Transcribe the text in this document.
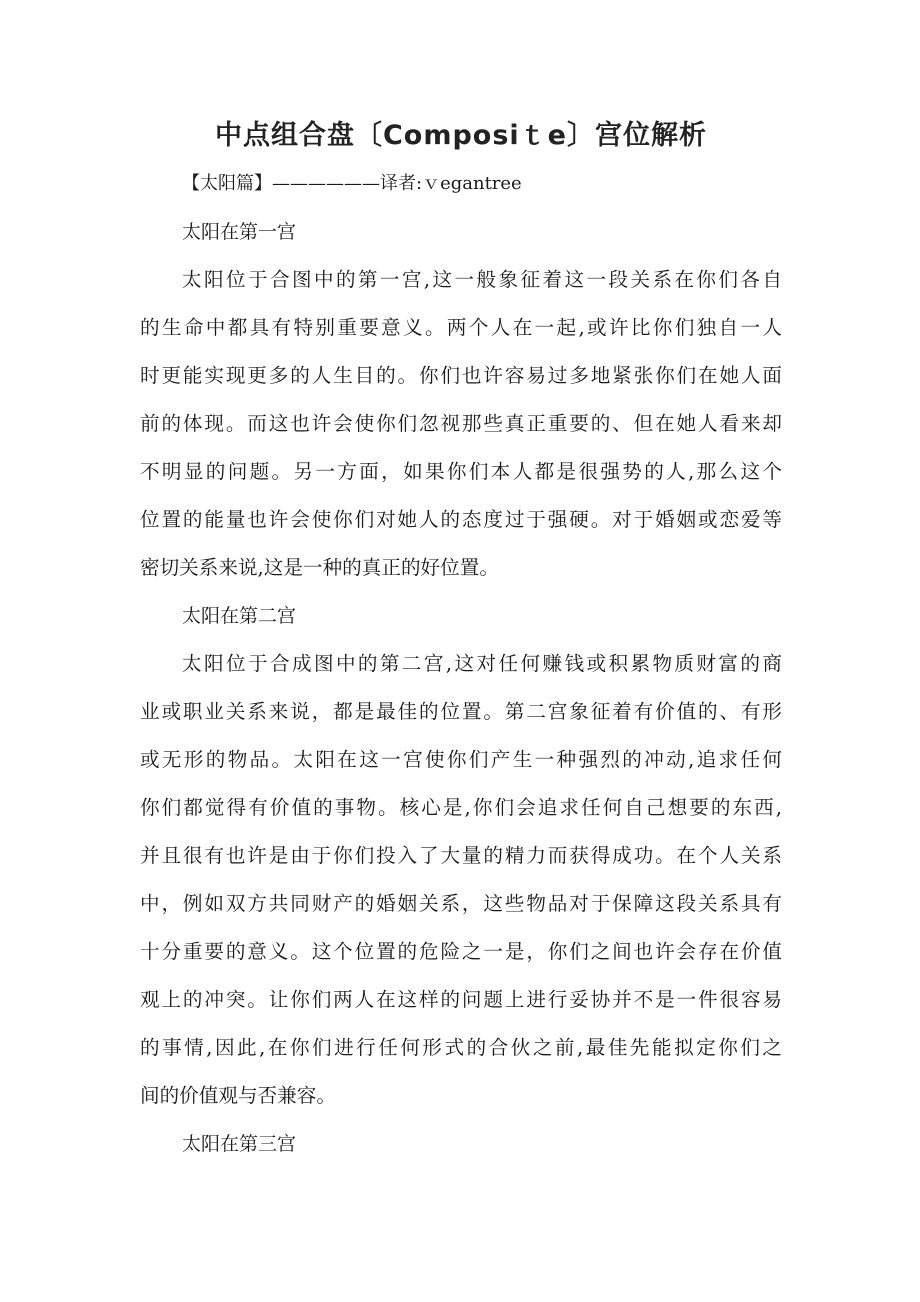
中点组合盘〔Composiｔe〕宫位解析

【太阳篇】——————译者:ｖegantree

太阳在第一宫

太阳位于合图中的第一宫,这一般象征着这一段关系在你们各自
的生命中都具有特别重要意义。两个人在一起,或许比你们独自一人
时更能实现更多的人生目的。你们也许容易过多地紧张你们在她人面
前的体现。而这也许会使你们忽视那些真正重要的、但在她人看来却
不明显的问题。另一方面，如果你们本人都是很强势的人,那么这个
位置的能量也许会使你们对她人的态度过于强硬。对于婚姻或恋爱等
密切关系来说,这是一种的真正的好位置。

太阳在第二宫

太阳位于合成图中的第二宫,这对任何赚钱或积累物质财富的商
业或职业关系来说，都是最佳的位置。第二宫象征着有价值的、有形
或无形的物品。太阳在这一宫使你们产生一种强烈的冲动,追求任何
你们都觉得有价值的事物。核心是,你们会追求任何自己想要的东西,
并且很有也许是由于你们投入了大量的精力而获得成功。在个人关系
中，例如双方共同财产的婚姻关系，这些物品对于保障这段关系具有
十分重要的意义。这个位置的危险之一是，你们之间也许会存在价值
观上的冲突。让你们两人在这样的问题上进行妥协并不是一件很容易
的事情,因此,在你们进行任何形式的合伙之前,最佳先能拟定你们之
间的价值观与否兼容。

太阳在第三宫
